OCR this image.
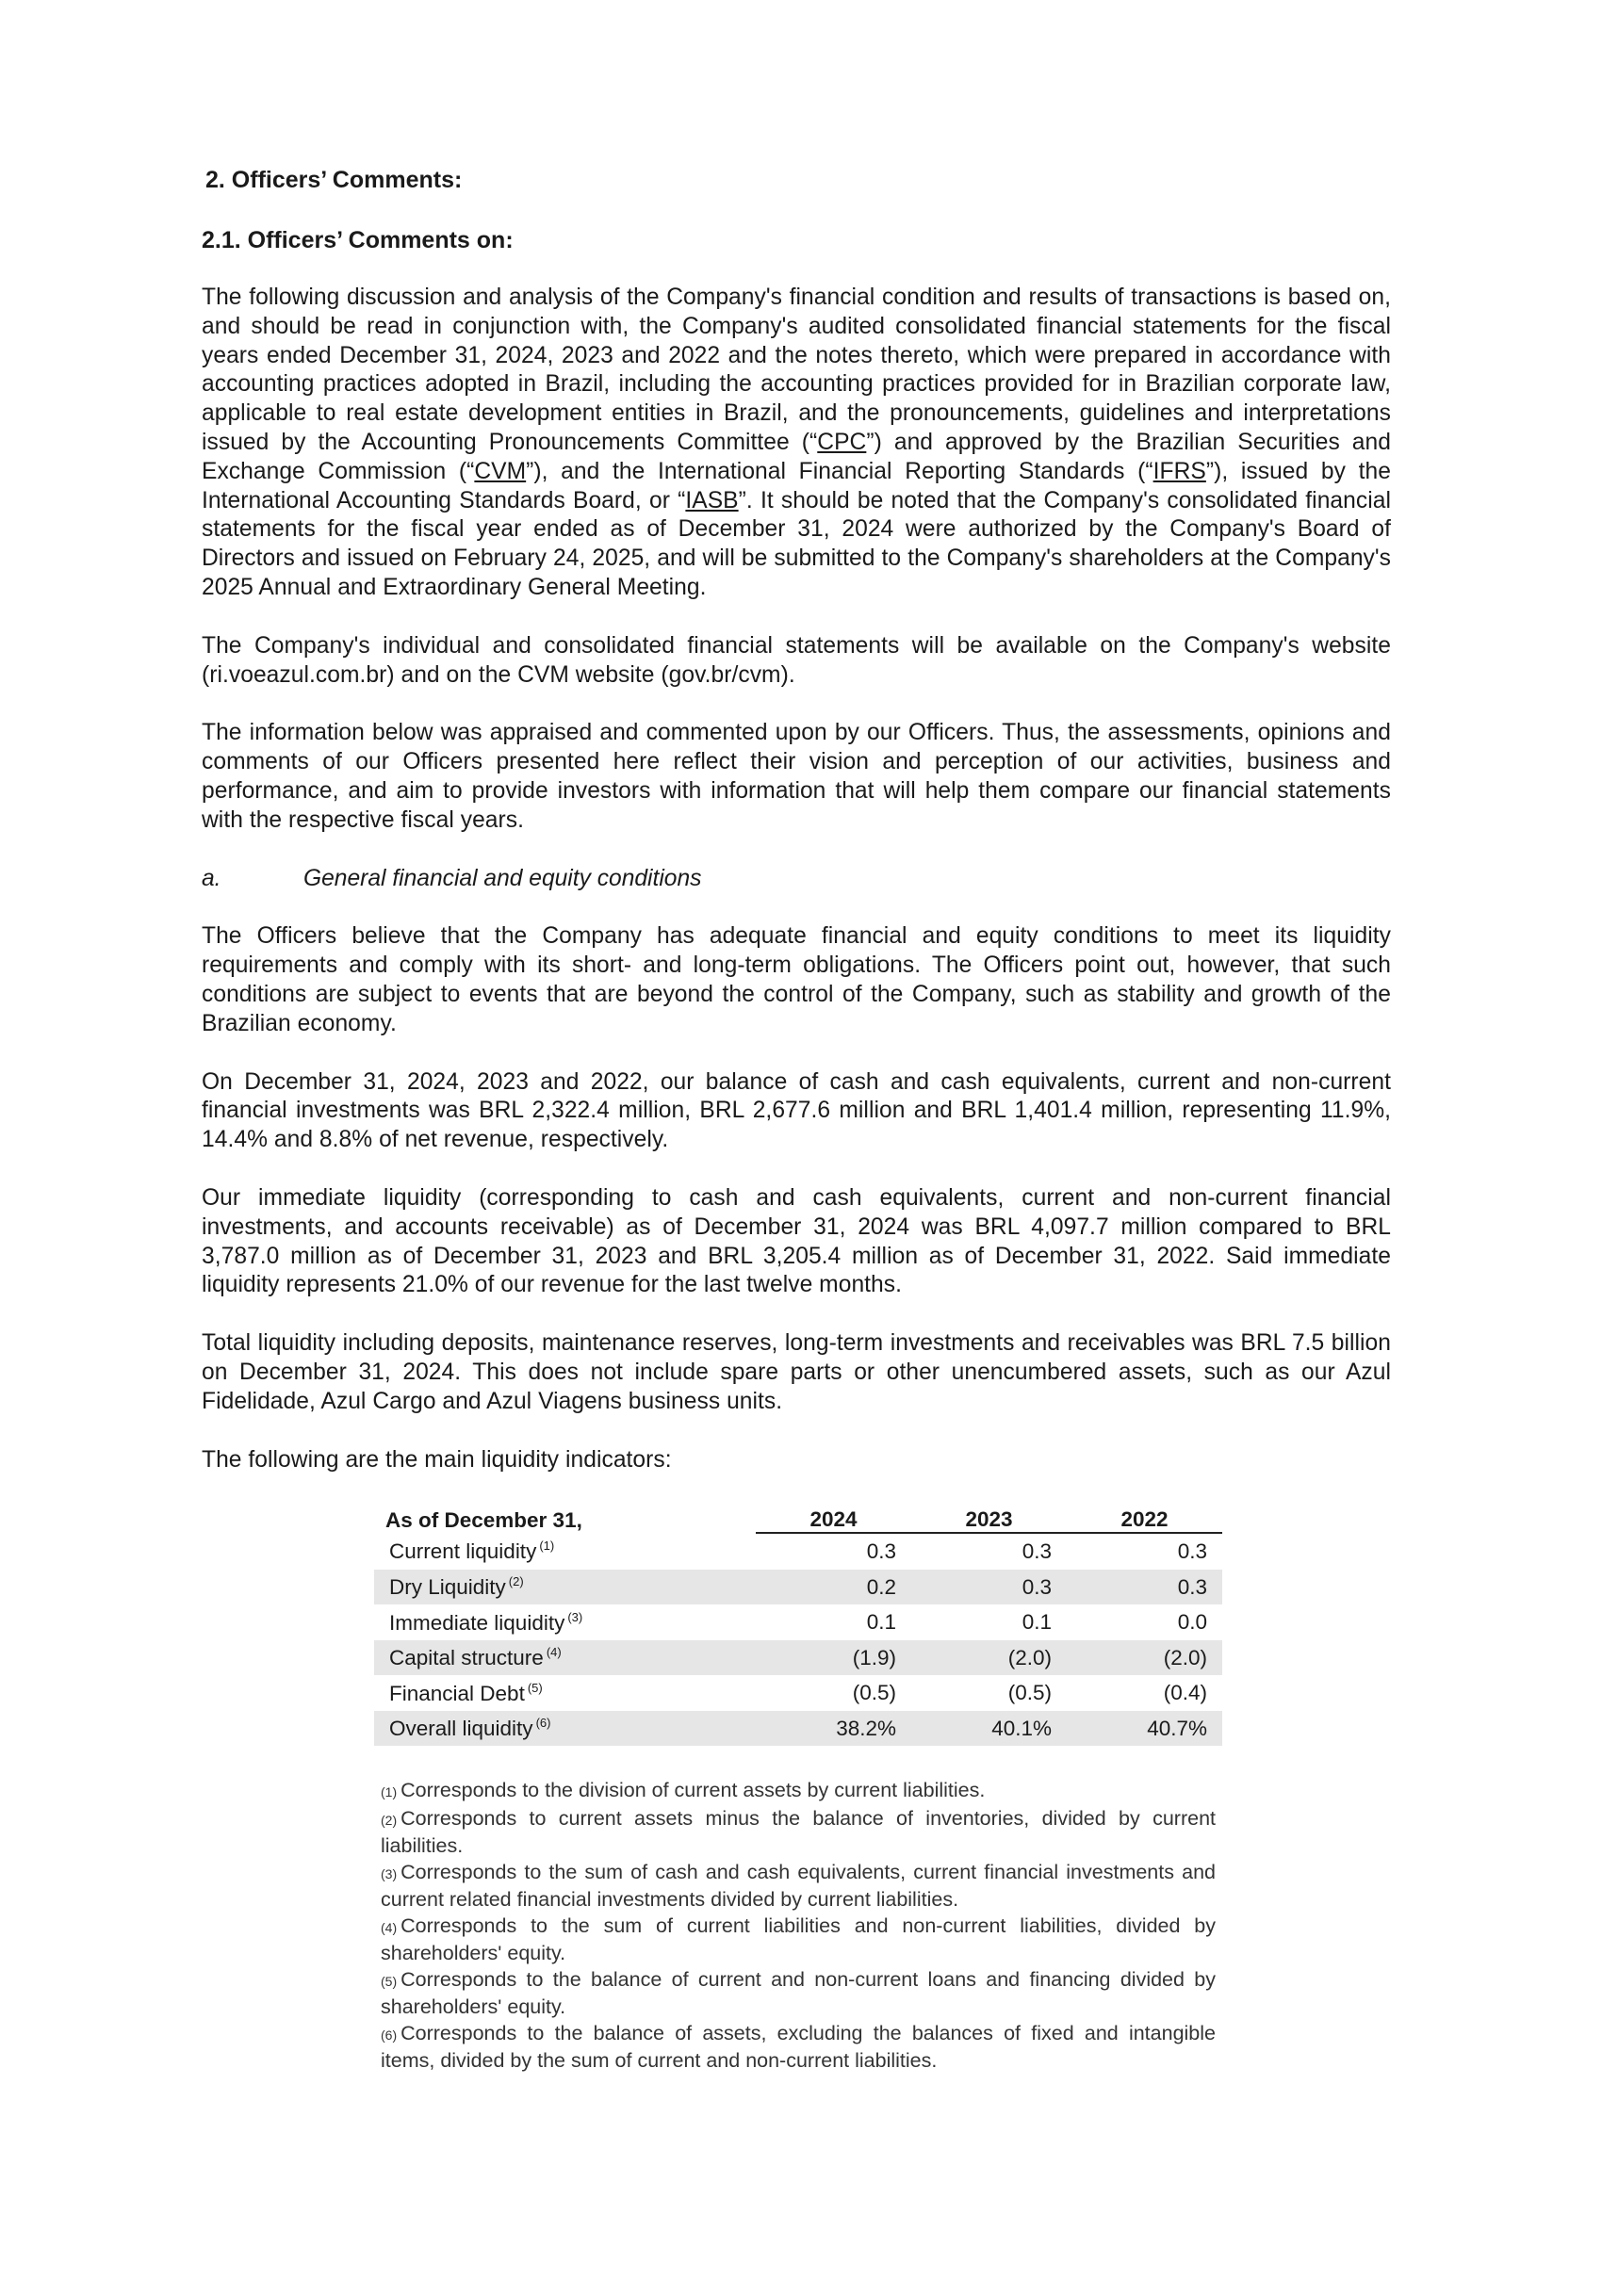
2. Officers’ Comments:

2.1. Officers’ Comments on:

The following discussion and analysis of the Company's financial condition and results of transactions is based on, and should be read in conjunction with, the Company's audited consolidated financial statements for the fiscal years ended December 31, 2024, 2023 and 2022 and the notes thereto, which were prepared in accordance with accounting practices adopted in Brazil, including the accounting practices provided for in Brazilian corporate law, applicable to real estate development entities in Brazil, and the pronouncements, guidelines and interpretations issued by the Accounting Pronouncements Committee (“CPC”) and approved by the Brazilian Securities and Exchange Commission (“CVM”), and the International Financial Reporting Standards (“IFRS”), issued by the International Accounting Standards Board, or “IASB”. It should be noted that the Company's consolidated financial statements for the fiscal year ended as of December 31, 2024 were authorized by the Company's Board of Directors and issued on February 24, 2025, and will be submitted to the Company's shareholders at the Company's 2025 Annual and Extraordinary General Meeting.

The Company's individual and consolidated financial statements will be available on the Company's website (ri.voeazul.com.br) and on the CVM website (gov.br/cvm).

The information below was appraised and commented upon by our Officers. Thus, the assessments, opinions and comments of our Officers presented here reflect their vision and perception of our activities, business and performance, and aim to provide investors with information that will help them compare our financial statements with the respective fiscal years.

a.	General financial and equity conditions

The Officers believe that the Company has adequate financial and equity conditions to meet its liquidity requirements and comply with its short- and long-term obligations. The Officers point out, however, that such conditions are subject to events that are beyond the control of the Company, such as stability and growth of the Brazilian economy.

On December 31, 2024, 2023 and 2022, our balance of cash and cash equivalents, current and non-current financial investments was BRL 2,322.4 million, BRL 2,677.6 million and BRL 1,401.4 million, representing 11.9%, 14.4% and 8.8% of net revenue, respectively.

Our immediate liquidity (corresponding to cash and cash equivalents, current and non-current financial investments, and accounts receivable) as of December 31, 2024 was BRL 4,097.7 million compared to BRL 3,787.0 million as of December 31, 2023 and BRL 3,205.4 million as of December 31, 2022. Said immediate liquidity represents 21.0% of our revenue for the last twelve months.

Total liquidity including deposits, maintenance reserves, long-term investments and receivables was BRL 7.5 billion on December 31, 2024. This does not include spare parts or other unencumbered assets, such as our Azul Fidelidade, Azul Cargo and Azul Viagens business units.

The following are the main liquidity indicators:

As of December 31,	2024	2023	2022
Current liquidity $^{(1)}$	0.3	0.3	0.3
Dry Liquidity $^{(2)}$	0.2	0.3	0.3
Immediate liquidity $^{(3)}$	0.1	0.1	0.0
Capital structure $^{(4)}$	(1.9)	(2.0)	(2.0)
Financial Debt $^{(5)}$	(0.5)	(0.5)	(0.4)
Overall liquidity $^{(6)}$	38.2%	40.1%	40.7%

(1) Corresponds to the division of current assets by current liabilities.

(2) Corresponds to current assets minus the balance of inventories, divided by current liabilities.

(3) Corresponds to the sum of cash and cash equivalents, current financial investments and current related financial investments divided by current liabilities.

(4) Corresponds to the sum of current liabilities and non-current liabilities, divided by shareholders' equity.

(5) Corresponds to the balance of current and non-current loans and financing divided by shareholders' equity.

(6) Corresponds to the balance of assets, excluding the balances of fixed and intangible items, divided by the sum of current and non-current liabilities.
